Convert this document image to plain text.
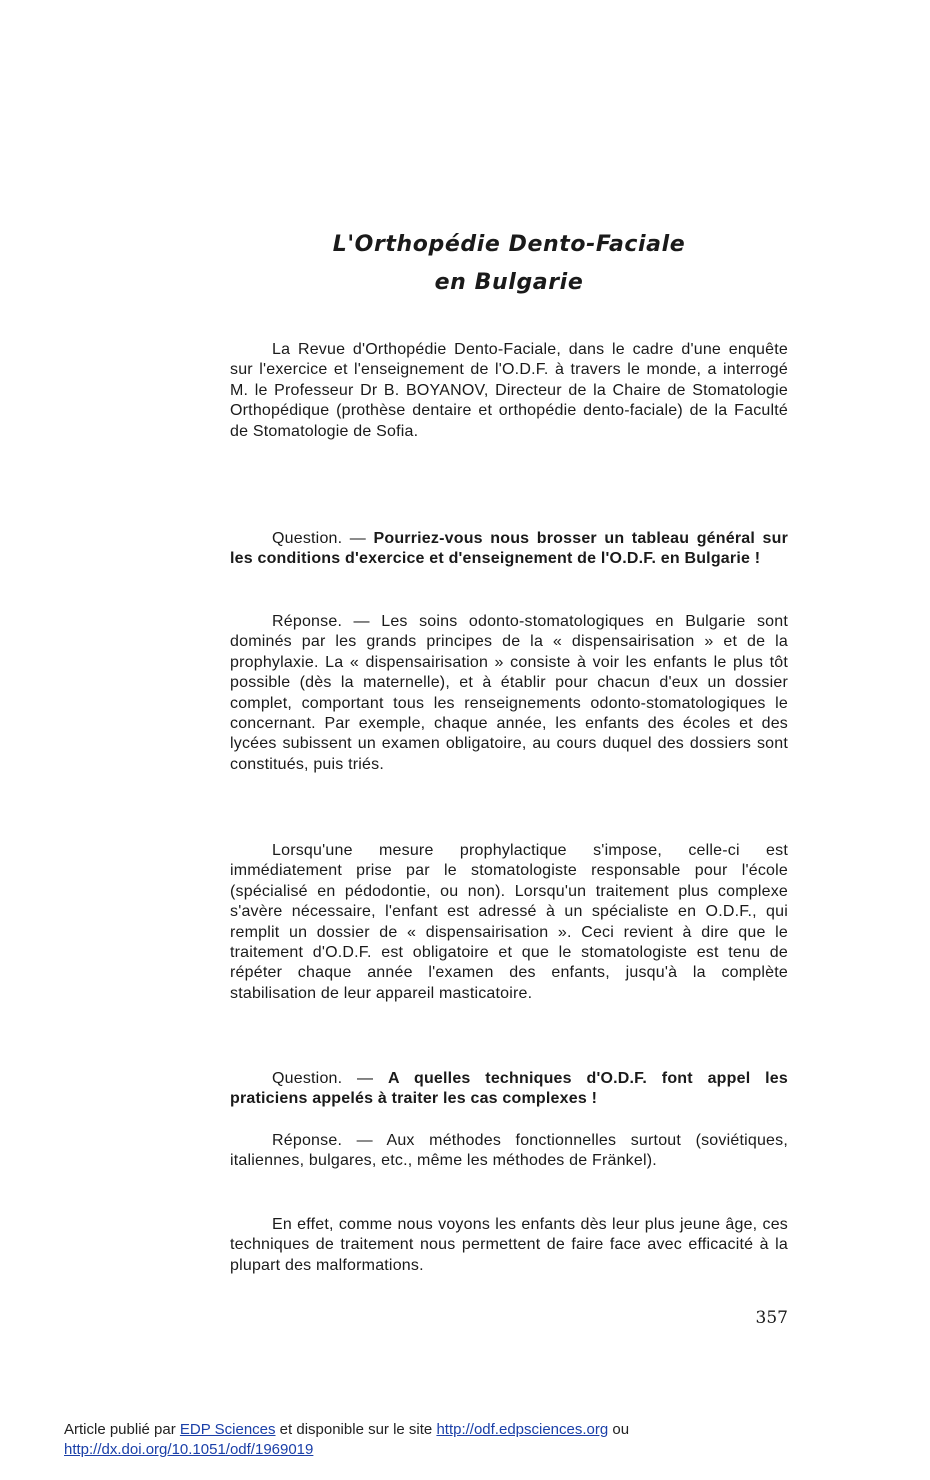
L'Orthopédie Dento-Faciale
en Bulgarie

La Revue d'Orthopédie Dento-Faciale, dans le cadre d'une enquête sur l'exercice et l'enseignement de l'O.D.F. à travers le monde, a interrogé M. le Professeur Dr B. BOYANOV, Directeur de la Chaire de Stomatologie Orthopédique (prothèse dentaire et orthopédie dento-faciale) de la Faculté de Stomatologie de Sofia.

Question. — Pourriez-vous nous brosser un tableau général sur les conditions d'exercice et d'enseignement de l'O.D.F. en Bulgarie !

Réponse. — Les soins odonto-stomatologiques en Bulgarie sont dominés par les grands principes de la « dispensairisation » et de la prophylaxie. La « dispensairisation » consiste à voir les enfants le plus tôt possible (dès la maternelle), et à établir pour chacun d'eux un dossier complet, comportant tous les renseignements odonto-stomatologiques le concernant. Par exemple, chaque année, les enfants des écoles et des lycées subissent un examen obligatoire, au cours duquel des dossiers sont constitués, puis triés.

Lorsqu'une mesure prophylactique s'impose, celle-ci est immédiatement prise par le stomatologiste responsable pour l'école (spécialisé en pédodontie, ou non). Lorsqu'un traitement plus complexe s'avère nécessaire, l'enfant est adressé à un spécialiste en O.D.F., qui remplit un dossier de « dispensairisation ». Ceci revient à dire que le traitement d'O.D.F. est obligatoire et que le stomatologiste est tenu de répéter chaque année l'examen des enfants, jusqu'à la complète stabilisation de leur appareil masticatoire.

Question. — A quelles techniques d'O.D.F. font appel les praticiens appelés à traiter les cas complexes !

Réponse. — Aux méthodes fonctionnelles surtout (soviétiques, italiennes, bulgares, etc., même les méthodes de Fränkel).

En effet, comme nous voyons les enfants dès leur plus jeune âge, ces techniques de traitement nous permettent de faire face avec efficacité à la plupart des malformations.

357

Article publié par EDP Sciences et disponible sur le site http://odf.edpsciences.org ou
http://dx.doi.org/10.1051/odf/1969019
